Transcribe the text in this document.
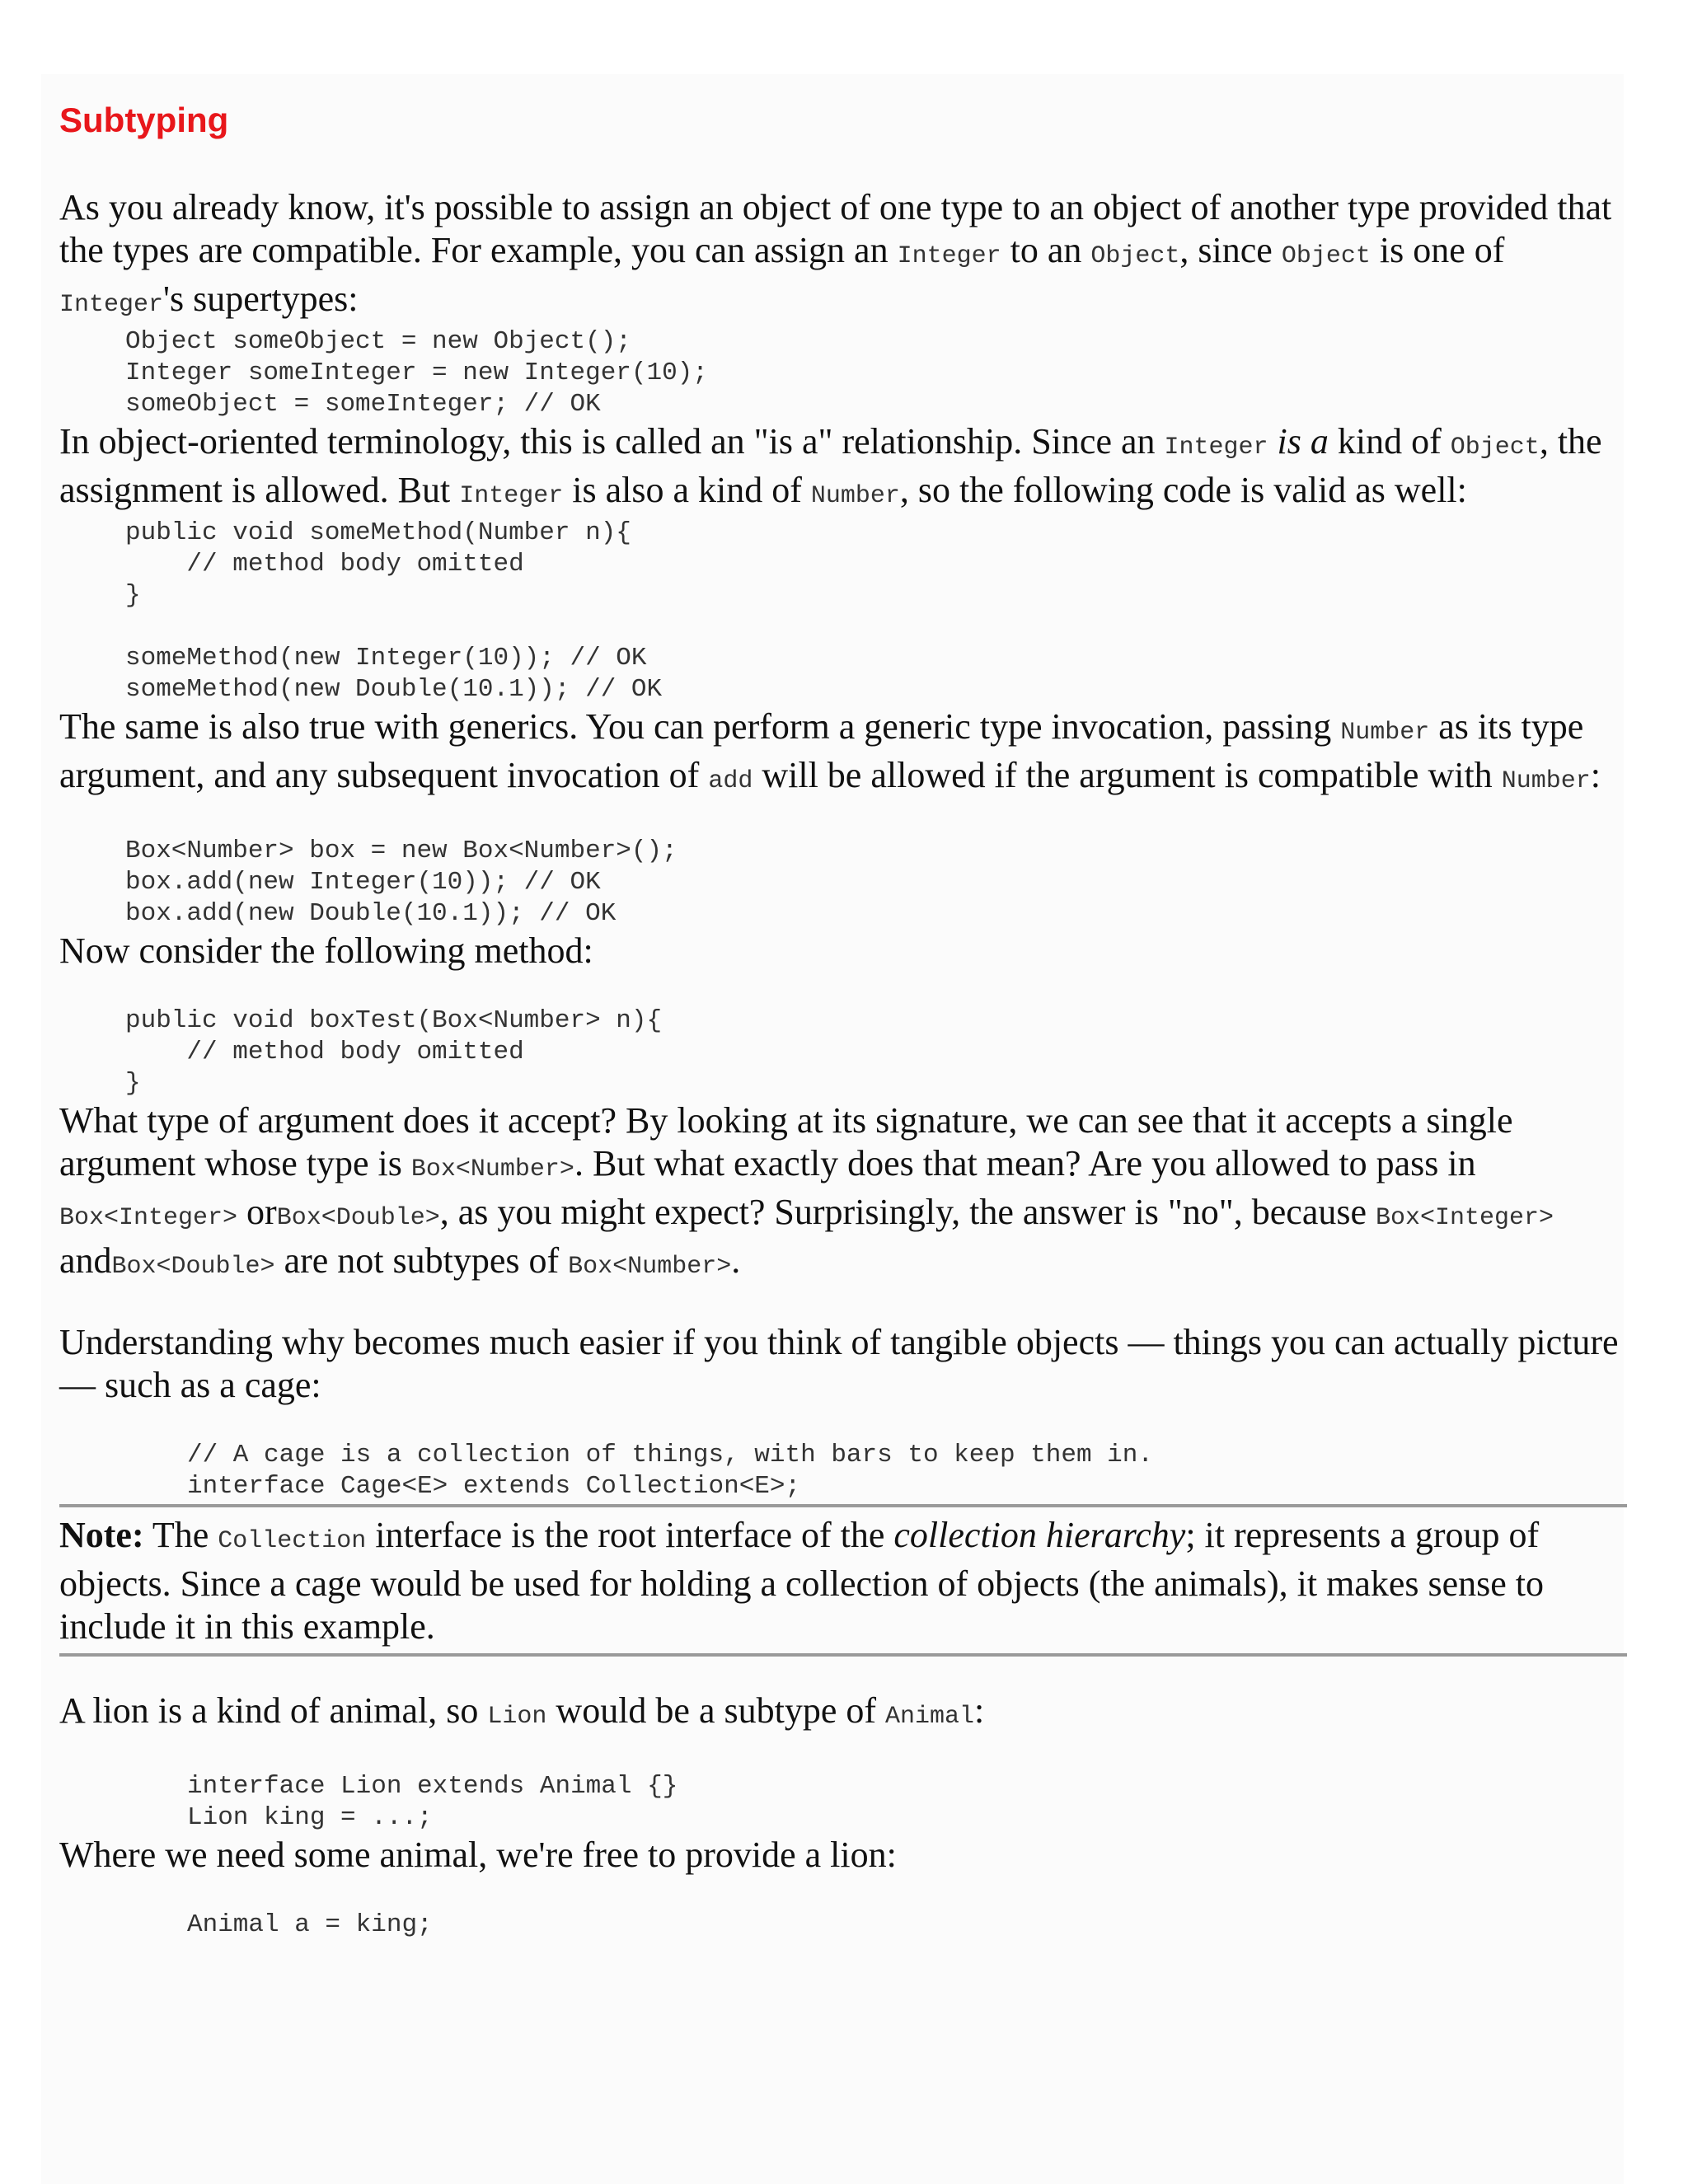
Subtyping

As you already know, it's possible to assign an object of one type to an object of another type provided that the types are compatible. For example, you can assign an Integer to an Object, since Object is one of Integer's supertypes:

Object someObject = new Object();
Integer someInteger = new Integer(10);
someObject = someInteger; // OK

In object-oriented terminology, this is called an "is a" relationship. Since an Integer is a kind of Object, the assignment is allowed. But Integer is also a kind of Number, so the following code is valid as well:

public void someMethod(Number n){
// method body omitted
}
someMethod(new Integer(10)); // OK
someMethod(new Double(10.1)); // OK

The same is also true with generics. You can perform a generic type invocation, passing Number as its type argument, and any subsequent invocation of add will be allowed if the argument is compatible with Number:

Box<Number> box = new Box<Number>();
box.add(new Integer(10)); // OK
box.add(new Double(10.1)); // OK

Now consider the following method:

public void boxTest(Box<Number> n){
// method body omitted
}

What type of argument does it accept? By looking at its signature, we can see that it accepts a single argument whose type is Box<Number>. But what exactly does that mean? Are you allowed to pass in Box<Integer> orBox<Double>, as you might expect? Surprisingly, the answer is "no", because Box<Integer> andBox<Double> are not subtypes of Box<Number>.

Understanding why becomes much easier if you think of tangible objects — things you can actually picture — such as a cage:

// A cage is a collection of things, with bars to keep them in.
interface Cage<E> extends Collection<E>;
Note: The Collection interface is the root interface of the collection hierarchy; it represents a group of objects. Since a cage would be used for holding a collection of objects (the animals), it makes sense to include it in this example.

A lion is a kind of animal, so Lion would be a subtype of Animal:

interface Lion extends Animal {}
Lion king = ...;

Where we need some animal, we're free to provide a lion:

Animal a = king;
